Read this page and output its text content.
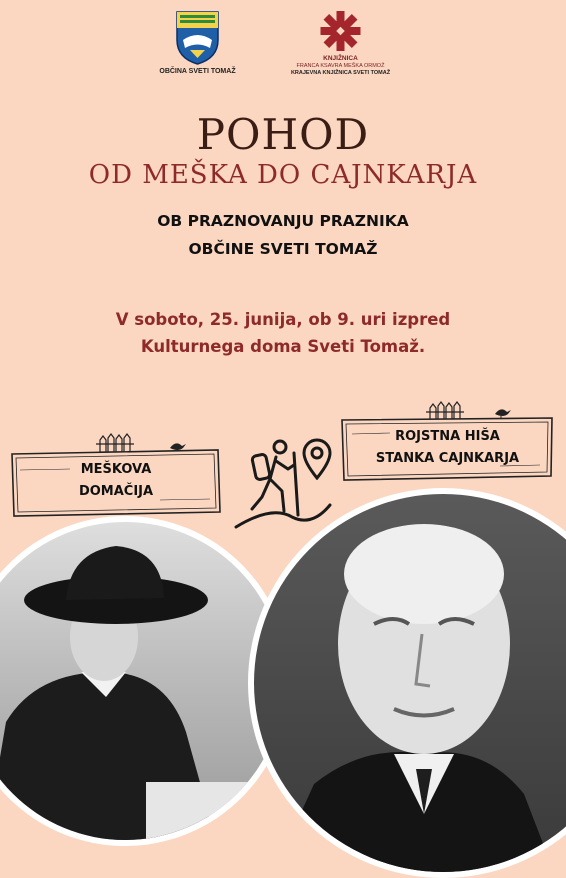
OBČINA SVETI TOMAŽ
KNJIŽNICA
FRANCA KSAVRA MEŠKA ORMOŽ
KRAJEVNA KNJIŽNICA SVETI TOMAŽ
POHOD
OD MEŠKA DO CAJNKARJA
OB PRAZNOVANJU PRAZNIKA
OBČINE SVETI TOMAŽ
V soboto, 25. junija, ob 9. uri izpred
Kulturnega doma Sveti Tomaž.
MEŠKOVA
DOMAČIJA
ROJSTNA HIŠA
STANKA CAJNKARJA
